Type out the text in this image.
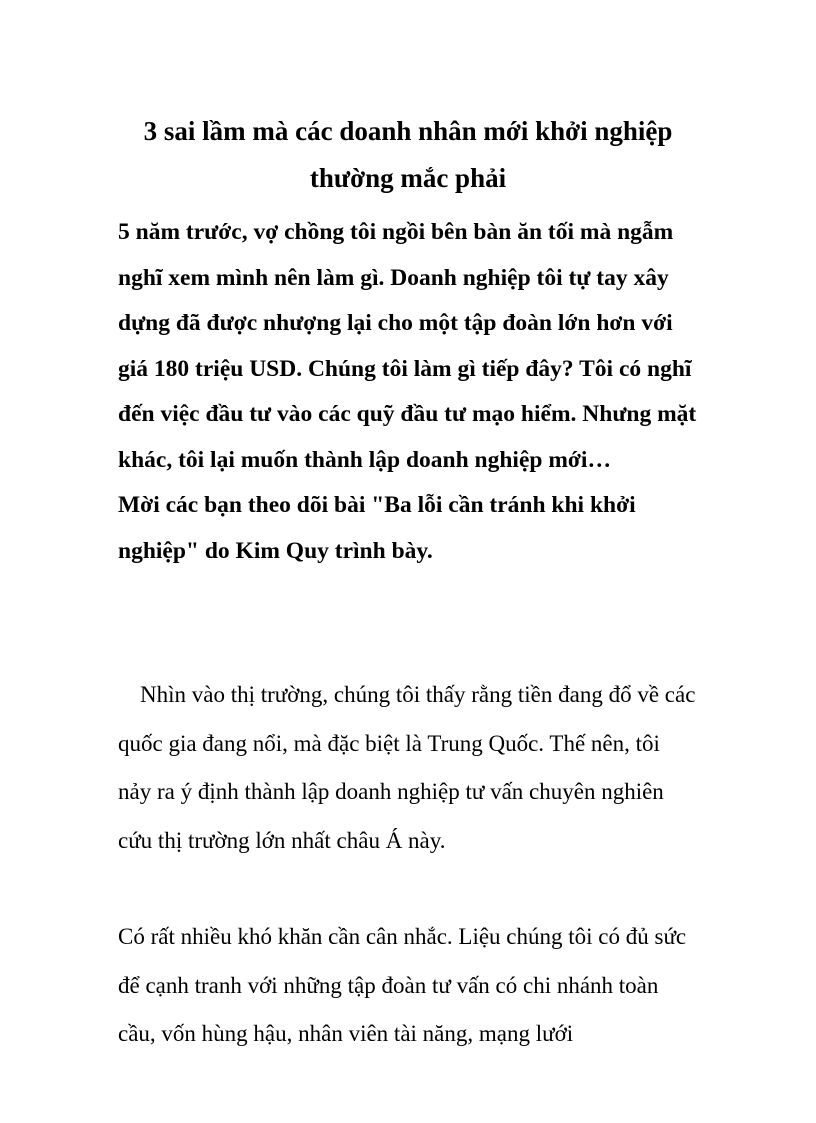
3 sai lầm mà các doanh nhân mới khởi nghiệp
thường mắc phải

5 năm trước, vợ chồng tôi ngồi bên bàn ăn tối mà ngẫm nghĩ xem mình nên làm gì. Doanh nghiệp tôi tự tay xây dựng đã được nhượng lại cho một tập đoàn lớn hơn với giá 180 triệu USD. Chúng tôi làm gì tiếp đây? Tôi có nghĩ đến việc đầu tư vào các quỹ đầu tư mạo hiểm. Nhưng mặt khác, tôi lại muốn thành lập doanh nghiệp mới…

Mời các bạn theo dõi bài "Ba lỗi cần tránh khi khởi nghiệp" do Kim Quy trình bày.

Nhìn vào thị trường, chúng tôi thấy rằng tiền đang đổ về các quốc gia đang nổi, mà đặc biệt là Trung Quốc. Thế nên, tôi nảy ra ý định thành lập doanh nghiệp tư vấn chuyên nghiên cứu thị trường lớn nhất châu Á này.

Có rất nhiều khó khăn cần cân nhắc. Liệu chúng tôi có đủ sức để cạnh tranh với những tập đoàn tư vấn có chi nhánh toàn cầu, vốn hùng hậu, nhân viên tài năng, mạng lưới
